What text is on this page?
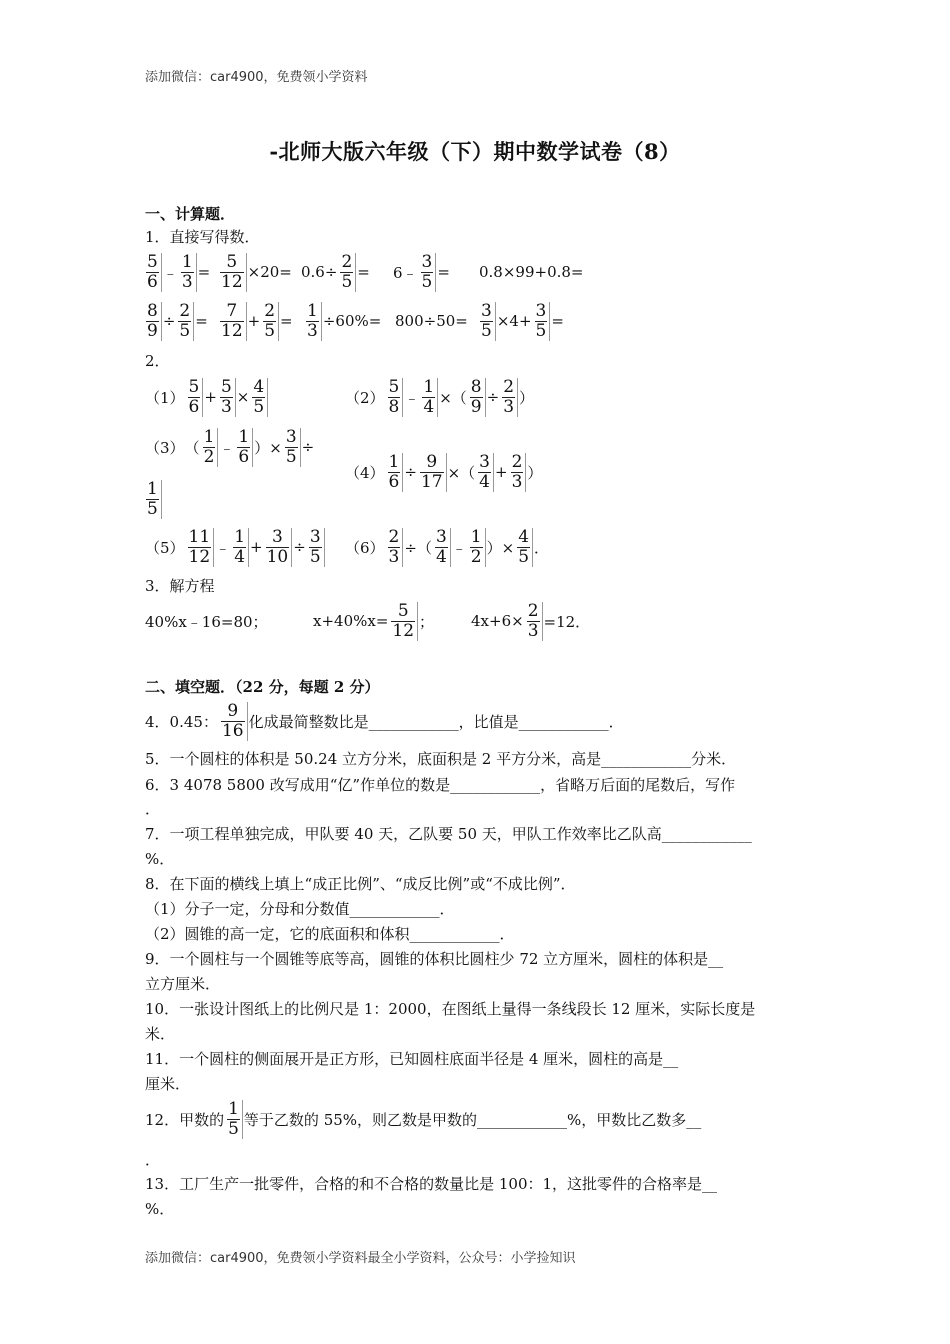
添加微信：car4900，免费领小学资料
添加微信：car4900，免费领小学资料最全小学资料，公众号：小学捡知识
-北师大版六年级（下）期中数学试卷（8）
一、计算题．
1．直接写得数．
$\frac{5}{6}$ ﹣ $\frac{1}{3} = \frac{5}{12} \times 20= 0.6\div \frac{2}{5}$ = 6﹣ $\frac{3}{5} = 0.8\times 99+0.8=$
$\frac{8}{9} \div \frac{2}{5} = \frac{7}{12} + \frac{2}{5} = \frac{1}{3} \div 60\%= 800\div 50= \frac{3}{5} \times 4+ \frac{3}{5}$ =
2．
$(1) \frac{5}{6} + \frac{5}{3} \times \frac{4}{5}$	$(2) \frac{5}{8}$ ﹣ $\frac{1}{4}$ ×（ $\frac{8}{9} \div \frac{2}{3}$ ）
（3） （ $\frac{1}{2}$ ﹣ $\frac{1}{6}$ ）× $\frac{3}{5}$ ÷
$\frac{1}{5}$
$(4) \frac{1}{6} \div \frac{9}{17}$ ×（ $\frac{3}{4} + \frac{2}{3}$ ）
$(5) \frac{11}{12}$ ﹣ $\frac{1}{4} + \frac{3}{10} \div \frac{3}{5} (6) \frac{2}{3}$ ÷（ $\frac{3}{4}$ ﹣ $\frac{1}{2}$ ）× $\frac{4}{5}$ ．
3．解方程
40%x﹣16=80；	$x+40\%x= \frac{5}{12}$ ； $4x+6\times \frac{2}{3} =12$．
二、填空题．（22 分，每题 2 分）
4．0.45： $\frac{9}{16}$ 化成最简整数比是____________，比值是____________．
5．一个圆柱的体积是 50.24 立方分米，底面积是 2 平方分米，高是____________分米．
6．3 4078 5800 改写成用“亿”作单位的数是____________，省略万后面的尾数后，写作
．
7．一项工程单独完成，甲队要 40 天，乙队要 50 天，甲队工作效率比乙队高____________
%．
8．在下面的横线上填上“成正比例”、“成反比例”或“不成比例”．
（1）分子一定，分母和分数值____________．
（2）圆锥的高一定，它的底面积和体积____________．
9．一个圆柱与一个圆锥等底等高，圆锥的体积比圆柱少 72 立方厘米，圆柱的体积是__
立方厘米．
10．一张设计图纸上的比例尺是 1：2000，在图纸上量得一条线段长 12 厘米，实际长度是
米．
11．一个圆柱的侧面展开是正方形，已知圆柱底面半径是 4 厘米，圆柱的高是__
厘米．
12．甲数的 $\frac{1}{5}$ 等于乙数的 55%，则乙数是甲数的____________%，甲数比乙数多__
．
13．工厂生产一批零件，合格的和不合格的数量比是 100：1，这批零件的合格率是__
%．
